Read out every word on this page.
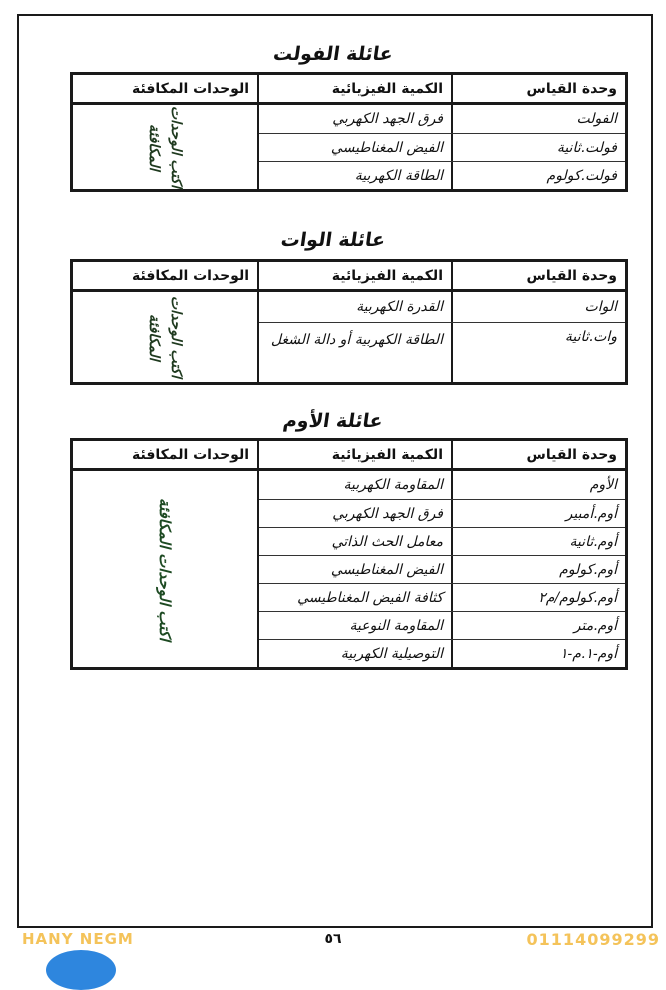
عائلة الفولت
وحدة القياس
الكمية الفيزيائية
الوحدات المكافئة
الفولت
فرق الجهد الكهربي
فولت.ثانية
الفيض المغناطيسي
فولت.كولوم
الطاقة الكهربية
اكتب الوحدات المكافئة
عائلة الوات
وحدة القياس
الكمية الفيزيائية
الوحدات المكافئة
الوات
القدرة الكهربية
وات.ثانية
الطاقة الكهربية أو دالة الشغل
اكتب الوحدات المكافئة
عائلة الأوم
وحدة القياس
الكمية الفيزيائية
الوحدات المكافئة
الأوم
المقاومة الكهربية
أوم.أمبير
فرق الجهد الكهربي
أوم.ثانية
معامل الحث الذاتي
أوم.كولوم
الفيض المغناطيسي
أوم.كولوم/م٢
كثافة الفيض المغناطيسي
أوم.متر
المقاومة النوعية
أوم-١.م-١
التوصيلية الكهربية
اكتب الوحدات المكافئة
HANY NEGM	٥٦	01114099299
